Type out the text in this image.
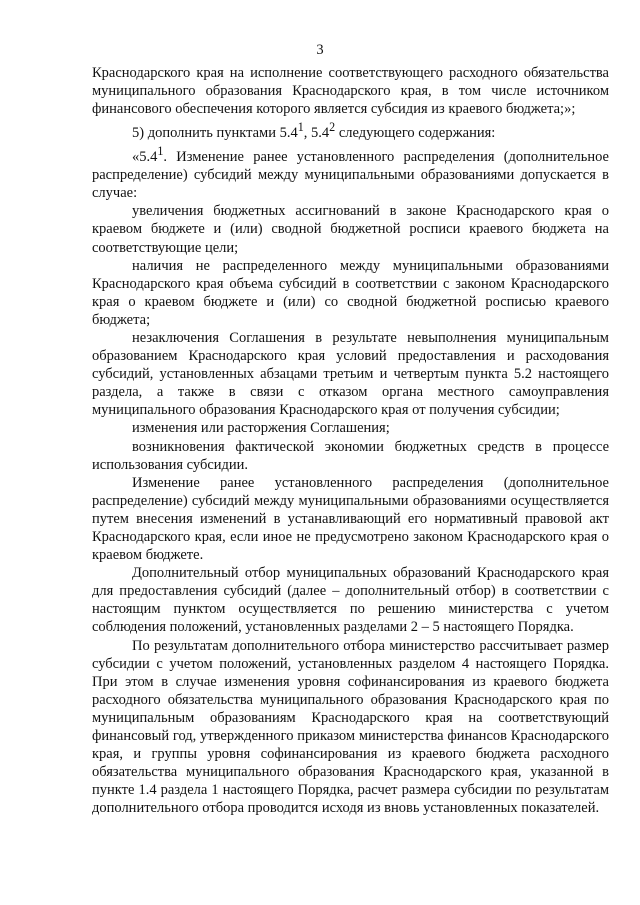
3

Краснодарского края на исполнение соответствующего расходного обязательства муниципального образования Краснодарского края, в том числе источником финансового обеспечения которого является субсидия из краевого бюджета;»;

5) дополнить пунктами $5.4^1$, $5.4^2$ следующего содержания:

«$5.4^1$. Изменение ранее установленного распределения (дополнительное распределение) субсидий между муниципальными образованиями допускается в случае:

увеличения бюджетных ассигнований в законе Краснодарского края о краевом бюджете и (или) сводной бюджетной росписи краевого бюджета на соответствующие цели;

наличия не распределенного между муниципальными образованиями Краснодарского края объема субсидий в соответствии с законом Краснодарского края о краевом бюджете и (или) со сводной бюджетной росписью краевого бюджета;

незаключения Соглашения в результате невыполнения муниципальным образованием Краснодарского края условий предоставления и расходования субсидий, установленных абзацами третьим и четвертым пункта 5.2 настоящего раздела, а также в связи с отказом органа местного самоуправления муниципального образования Краснодарского края от получения субсидии;

изменения или расторжения Соглашения;

возникновения фактической экономии бюджетных средств в процессе использования субсидии.

Изменение ранее установленного распределения (дополнительное распределение) субсидий между муниципальными образованиями осуществляется путем внесения изменений в устанавливающий его нормативный правовой акт Краснодарского края, если иное не предусмотрено законом Краснодарского края о краевом бюджете.

Дополнительный отбор муниципальных образований Краснодарского края для предоставления субсидий (далее – дополнительный отбор) в соответствии с настоящим пунктом осуществляется по решению министерства с учетом соблюдения положений, установленных разделами 2 – 5 настоящего Порядка.

По результатам дополнительного отбора министерство рассчитывает размер субсидии с учетом положений, установленных разделом 4 настоящего Порядка. При этом в случае изменения уровня софинансирования из краевого бюджета расходного обязательства муниципального образования Краснодарского края по муниципальным образованиям Краснодарского края на соответствующий финансовый год, утвержденного приказом министерства финансов Краснодарского края, и группы уровня софинансирования из краевого бюджета расходного обязательства муниципального образования Краснодарского края, указанной в пункте 1.4 раздела 1 настоящего Порядка, расчет размера субсидии по результатам дополнительного отбора проводится исходя из вновь установленных показателей.
